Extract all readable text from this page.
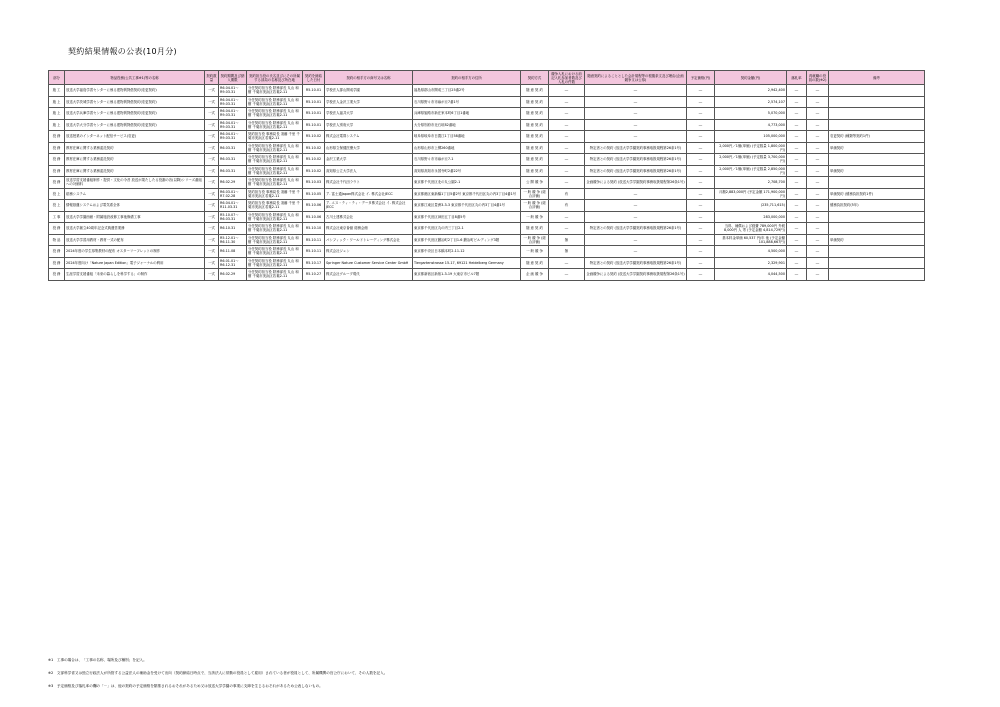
契約結果情報の公表(10月分)
部分	物品役務(公共工事※1)等の名称	契約数量	契約期間及び納入期限	契約担当役の氏名並びにその所属する部局の名称及び所在地	契約を締結した日付	契約の相手方の商号又は名称	契約の相手方の住所	契約方式	競争入札における前記入札参加者数及び入札の件数	随意契約によることとした会計規程等の根拠条文及び理由(企画競争又は公募)	予定価格(円)	契約金額(円)	落札率	再就職の役員の数(※2)	備考
施 工	放送大学福島学習センターに係る建物賃貸借契約(変更契約)	一式	R6.04.01～R9.03.31	分任契約担当役 財務部長 丸山 和樹 千葉市美浜区若葉2-11	R5.10.01	学校法人郡山開成学園	福島県郡山市開成三丁目25番2号	随 意 契 約	―	―	―	2,942,400	―	―	
施 上	放送大学茨城学習センターに係る建物賃貸借契約(変更契約)	一式	R6.04.01～R9.03.31	分任契約担当役 財務部長 丸山 和樹 千葉市美浜区若葉2-11	R5.10.01	学校法人金沢工業大学	石川県野々市市扇が丘7番1号	随 意 契 約	―	―	―	2,574,107	―	―	
施 上	放送大学兵庫学習センターに係る建物賃貸借契約(変更契約)	一式	R6.04.01～R9.03.31	分任契約担当役 財務部長 丸山 和樹 千葉市美浜区若葉2-11	R5.10.01	学校法人福井大学	兵庫県姫路市新在家本町6丁目1番地	随 意 契 約	―	―	―	5,070,000	―	―	
施 上	放送大学大分学習センターに係る建物賃貸借契約(変更契約)	一式	R6.04.01～R9.03.31	分任契約担当役 財務部長 丸山 和樹 千葉市美浜区若葉2-11	R5.10.01	学校法人別府大学	大分県別府市北石垣82番地	随 意 契 約	―	―	―	4,773,000	―	―	
役 務	放送授業のインターネット配信サービス(変更)	一式	R6.04.01～R9.03.31	契約担当役 事務局長 須藤 千里 千葉市美浜区若葉2-11	R5.10.02	株式会社電算システム	岐阜県岐阜市日置江1丁目58番地	随 意 契 約	―	―	―	105,000,000	―	―	変更契約 (種類等契約1件)
役 務	教材在庫に関する業務委託契約	一式	R6.03.31	分任契約担当役 財務部長 丸山 和樹 千葉市美浜区若葉2-11	R5.10.02	山形県立保健医療大学	山形県山形市上柳260番地	随 意 契 約	―	特定者との契約 (放送大学学園契約事務取扱規程第26条1号)	―	2,000円／1個(単価) (予定数量 1,800,000円)	―	―	単価契約
役 務	教材在庫に関する業務委託契約	一式	R6.03.31	分任契約担当役 財務部長 丸山 和樹 千葉市美浜区若葉2-11	R5.10.02	金沢工業大学	石川県野々市市扇が丘7-1	随 意 契 約	―	特定者との契約 (放送大学学園契約事務取扱規程第26条1号)	―	2,000円／1個(単価) (予定数量 3,700,000円)	―	―	
役 務	教材在庫に関する業務委託契約	一式	R6.03.31	分任契約担当役 財務部長 丸山 和樹 千葉市美浜区若葉2-11	R5.10.02	高知県公立大学法人	高知県高知市永国寺町2番22号	随 意 契 約	―	特定者との契約 (放送大学学園契約事務取扱規程第26条1号)	―	2,000円／1個(単価) (予定数量 2,850,000円)	―	―	単価契約
役 務	放送学習支援番組制作・提供・文化の今昔 放送が果たしたる役割の各(以降)シリーズ番組への対価料	一式	R6.02.29	分任契約担当役 財務部長 丸山 和樹 千葉市美浜区若葉2-11	R5.10.03	株式会社千代田ラウト	東京都千代田区北の丸公園2-1	公 開 競 争	―	企画競争による契約 (放送大学学園契約事務取扱規程第26条1号)	―	2,708,700	―	―	
役 上	総務システム	一式	R6.03.01～R7.02.28	契約担当役 事務局長 須藤 千里 千葉市美浜区若葉2-11	R5.10.05	ア. 富士通Japan株式会社 イ. 株式会社JECC	東京都港区東新橋1丁目5番2号 東京都千代田区丸の内3丁目4番1号	一 般 競 争 (総合評価)	有	―	―	月額2,883,000円 (予定金額 171,900,000円)	―	―	単価契約 (債務負担契約1件)
役 上	情報基盤システムおよび電気系全体	一式	R6.04.01～R11.03.31	契約担当役 事務局長 須藤 千里 千葉市美浜区若葉2-11	R5.10.06	ア. エヌ・ティ・ティ・データ株式会社 イ. 株式会社JECC	東京都江東区豊洲3-3-3 東京都千代田区丸の内3丁目4番1号	一 般 競 争 (総合評価)	有	―	―	(235,711,615)	―	―	債務負担契約(5年)
工 事	放送大学学園西館・附属施設改修工事他修繕工事	一式	R5.10.07～R6.03.31	分任契約担当役 財務部長 丸山 和樹 千葉市美浜区若葉2-11	R5.10.06	古川土建株式会社	東京都千代田区神田五丁目8番5号	一 般 競 争	―	―	―	283,000,000	―	―	
役 務	放送大学創立40周年記念式典運営業務	一式	R6.10.31	分任契約担当役 財務部長 丸山 和樹 千葉市美浜区若葉2-11	R5.10.10	株式会社東京會舘 総務会館	東京都千代田区丸の内三丁目2-1	随 意 契 約	―	特定者との契約 (放送大学学園契約事務取扱規程第26条1号)	―	当料、補償および経費 789,000円 外税8,000円 人 寄 (予定金額 4,814,729円)	―	―	
物 品	放送大学学習用教材・教材一式の配布	一式	R5.12.01～R6.11.30	分任契約担当役 財務部長 丸山 和樹 千葉市美浜区若葉2-11	R5.10.11	パシフィック・ワールドトレーディング株式会社	東京都千代田区鍛冶町2丁目1-6 鍛冶町ビルディング3階	一 般 競 争 (総合評価)	無	―	―	基本料金単価 60,537 円/年 他 (予定金額 101,888,667円)	―	―	単価契約
役 務	2024年度の学生募集教材の配布 オスターリーフレットの制作	一式	R6.11.08	分任契約担当役 財務部長 丸山 和樹 千葉市美浜区若葉2-11	R5.10.11	株式会社ジェン	東京都中央区日本橋本町2-11-12	一 般 競 争	無	―	―	4,500,000	―	―	
役 務	2024年度向け「Nature Japan Edition」電子ジャーナルの利用	一式	R6.01.01～R6.12.31	分任契約担当役 財務部長 丸山 和樹 千葉市美浜区若葉2-11	R5.10.17	Springer Nature Customer Service Center GmbH	Tiergartenstrasse 15-17, 69121 Heidelberg Germany	随 意 契 約	―	特定者との契約 (放送大学学園契約事務取扱規程第26条1号)	―	2,329,901	―	―	
役 務	生涯学習支援番組「未来の暮らしを科学する」の制作	一式	R6.02.29	分任契約担当役 財務部長 丸山 和樹 千葉市美浜区若葉2-11	R5.10.27	株式会社グループ現代	東京都新宿区新宿1-3-19 大東京市ビル7階	企 画 競 争	―	企画競争による契約 (放送大学学園契約事務取扱規程第26条1号)	―	4,044,500	―	―	
※1　工事の場合は、「工事の名称、場所及び種別」を記入。
※2　文部科学省又は独立行政法人が所管する公益法人の補助金を受けて出向（契約締結日時点で、当該法人に常勤の役員として雇用）されている者が役員として、所属機関の官公庁において、その人数を記入。
※3　予定価格及び落札率の欄の「－」は、他の契約の予定価格を類推されるおそれがあるため又は放送大学学園の事業に支障を生じるおそれがあるため公表しないもの。
